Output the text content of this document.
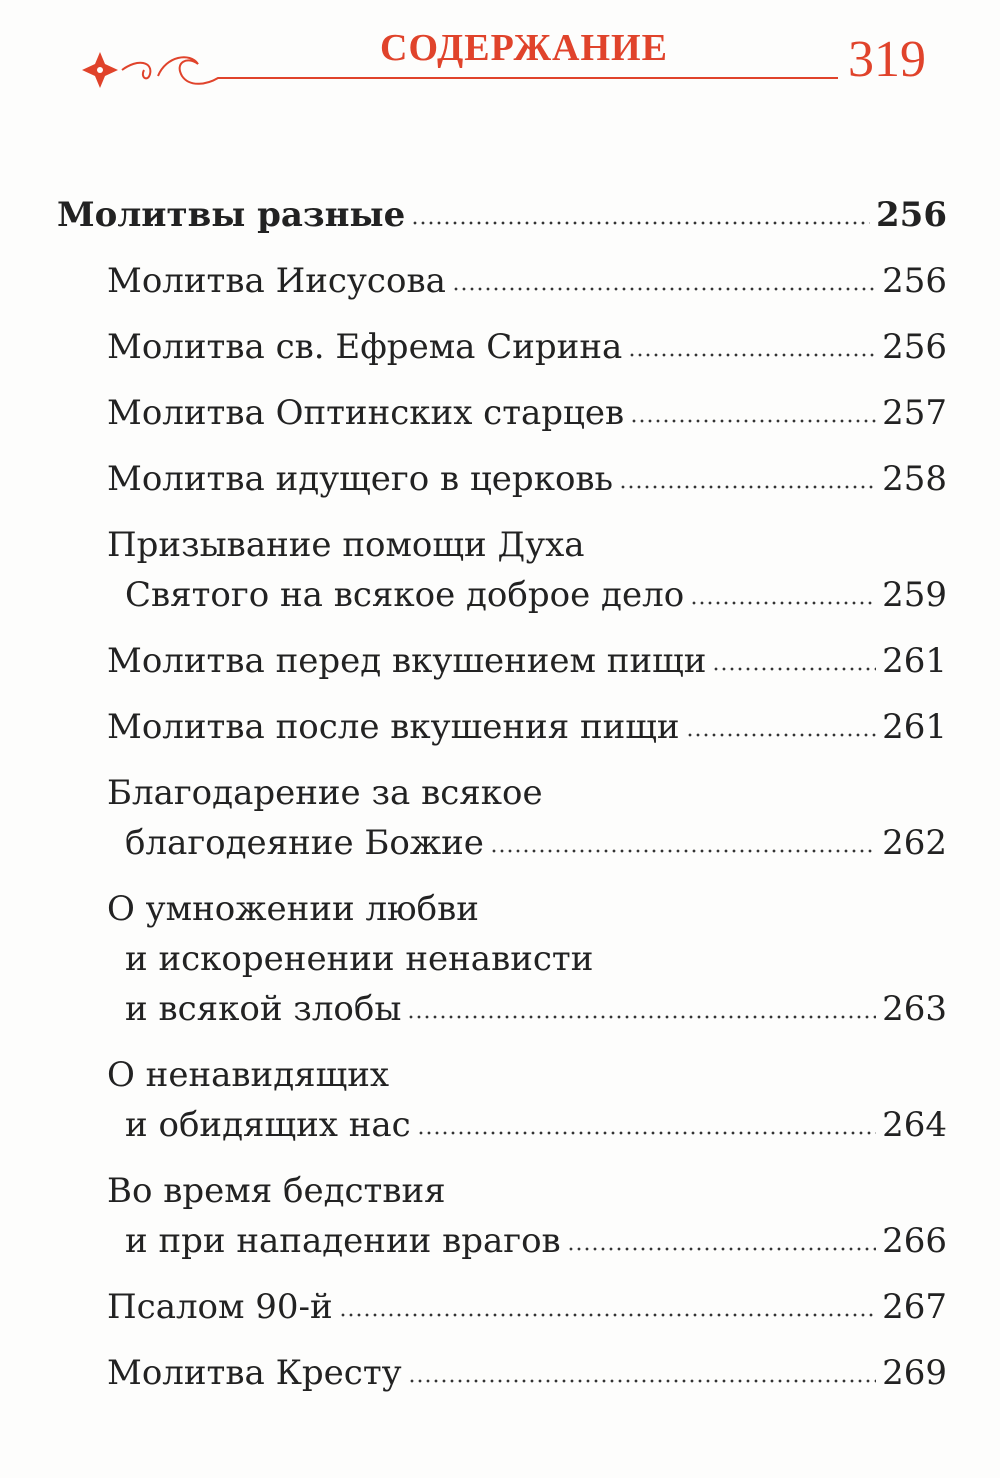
СОДЕРЖАНИЕ	319
Молитвы разные	256
Молитва Иисусова	256
Молитва св. Ефрема Сирина	256
Молитва Оптинских старцев	257
Молитва идущего в церковь	258
Призывание помощи Духа
Святого на всякое доброе дело	259
Молитва перед вкушением пищи	261
Молитва после вкушения пищи	261
Благодарение за всякое
благодеяние Божие	262
О умножении любви
и искоренении ненависти
и всякой злобы	263
О ненавидящих
и обидящих нас	264
Во время бедствия
и при нападении врагов	266
Псалом 90-й	267
Молитва Кресту	269
